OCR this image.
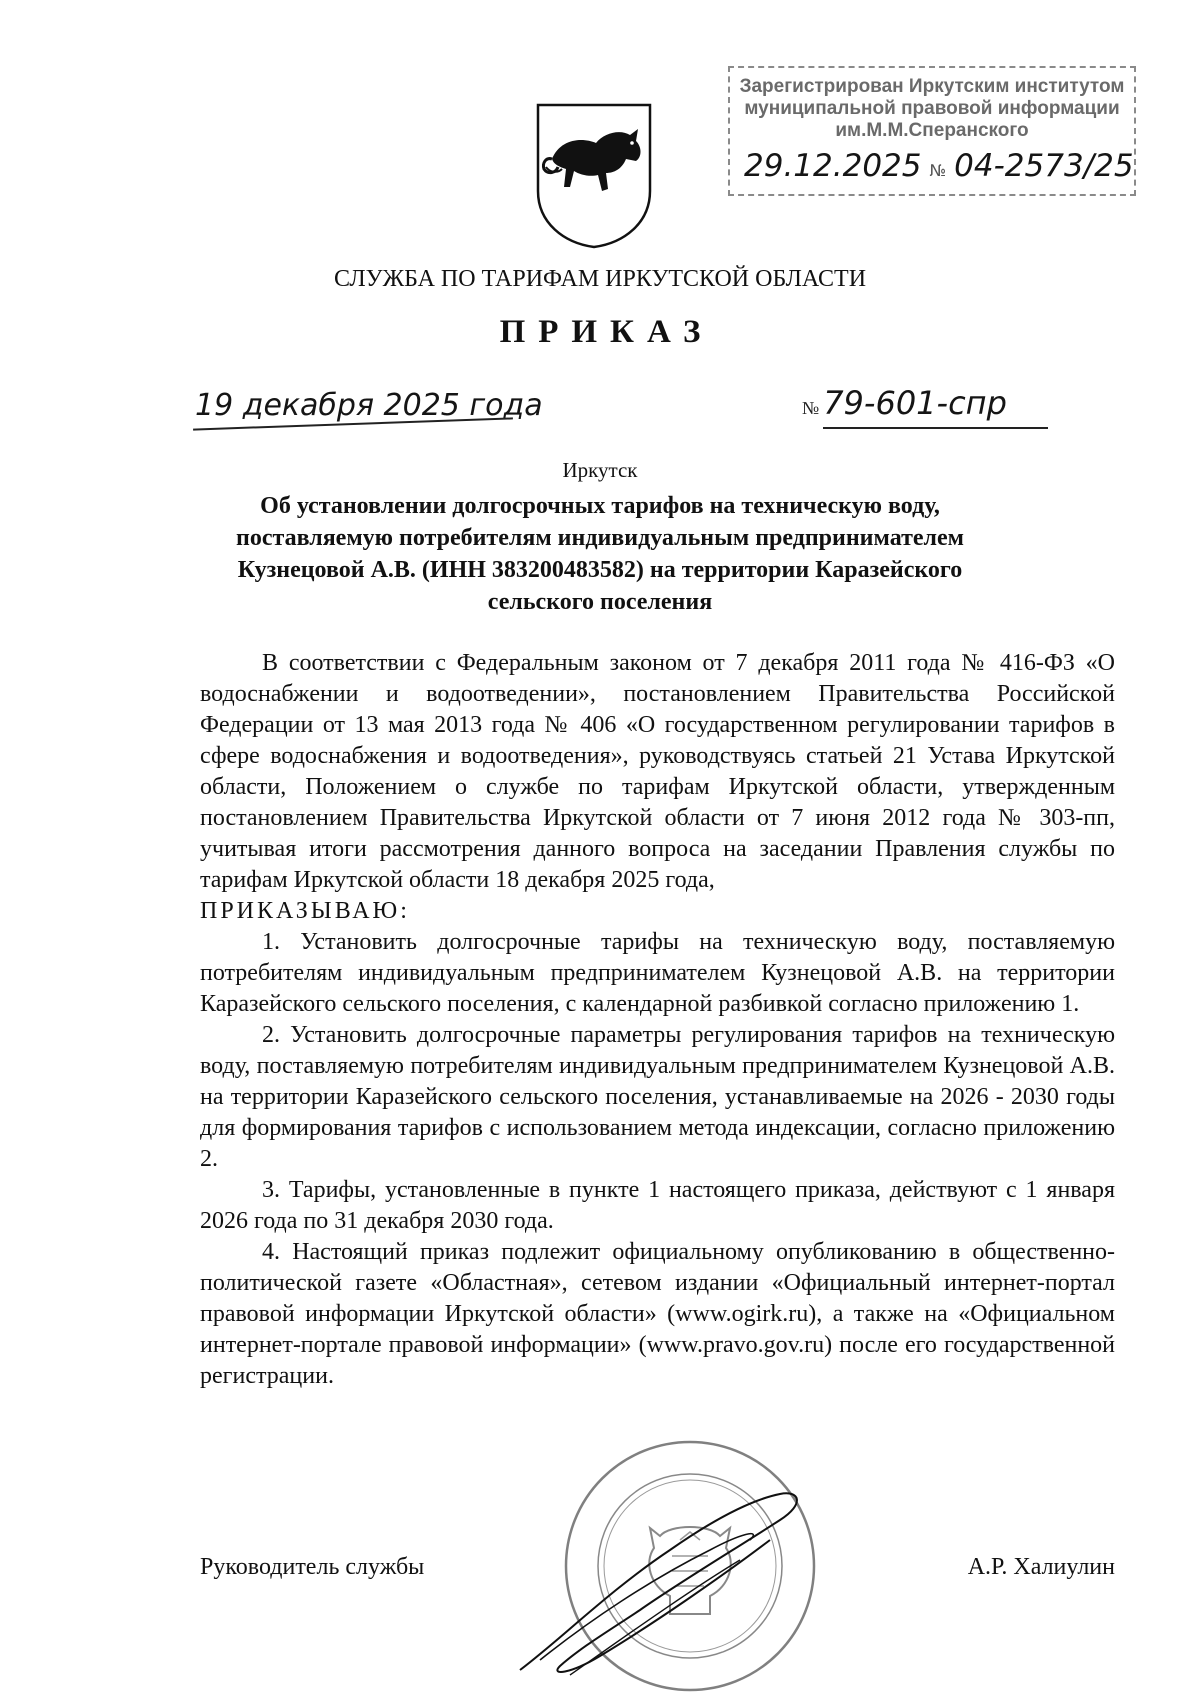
Зарегистрирован Иркутским институтом
муниципальной правовой информации
им.М.М.Сперанского
29.12.2025 № 04-2573/25
СЛУЖБА ПО ТАРИФАМ ИРКУТСКОЙ ОБЛАСТИ
ПРИКАЗ
19 декабря 2025 года	№ 79-601-спр
Иркутск
Об установлении долгосрочных тарифов на техническую воду, поставляемую потребителям индивидуальным предпринимателем Кузнецовой А.В. (ИНН 383200483582) на территории Каразейского сельского поселения

В соответствии с Федеральным законом от 7 декабря 2011 года № 416-ФЗ «О водоснабжении и водоотведении», постановлением Правительства Российской Федерации от 13 мая 2013 года № 406 «О государственном регулировании тарифов в сфере водоснабжения и водоотведения», руководствуясь статьей 21 Устава Иркутской области, Положением о службе по тарифам Иркутской области, утвержденным постановлением Правительства Иркутской области от 7 июня 2012 года № 303-пп, учитывая итоги рассмотрения данного вопроса на заседании Правления службы по тарифам Иркутской области 18 декабря 2025 года,

ПРИКАЗЫВАЮ:

1. Установить долгосрочные тарифы на техническую воду, поставляемую потребителям индивидуальным предпринимателем Кузнецовой А.В. на территории Каразейского сельского поселения, с календарной разбивкой согласно приложению 1.

2. Установить долгосрочные параметры регулирования тарифов на техническую воду, поставляемую потребителям индивидуальным предпринимателем Кузнецовой А.В. на территории Каразейского сельского поселения, устанавливаемые на 2026 - 2030 годы для формирования тарифов с использованием метода индексации, согласно приложению 2.

3. Тарифы, установленные в пункте 1 настоящего приказа, действуют с 1 января 2026 года по 31 декабря 2030 года.

4. Настоящий приказ подлежит официальному опубликованию в общественно-политической газете «Областная», сетевом издании «Официальный интернет-портал правовой информации Иркутской области» (www.ogirk.ru), а также на «Официальном интернет-портале правовой информации» (www.pravo.gov.ru) после его государственной регистрации.

Руководитель службы	А.Р. Халиулин
